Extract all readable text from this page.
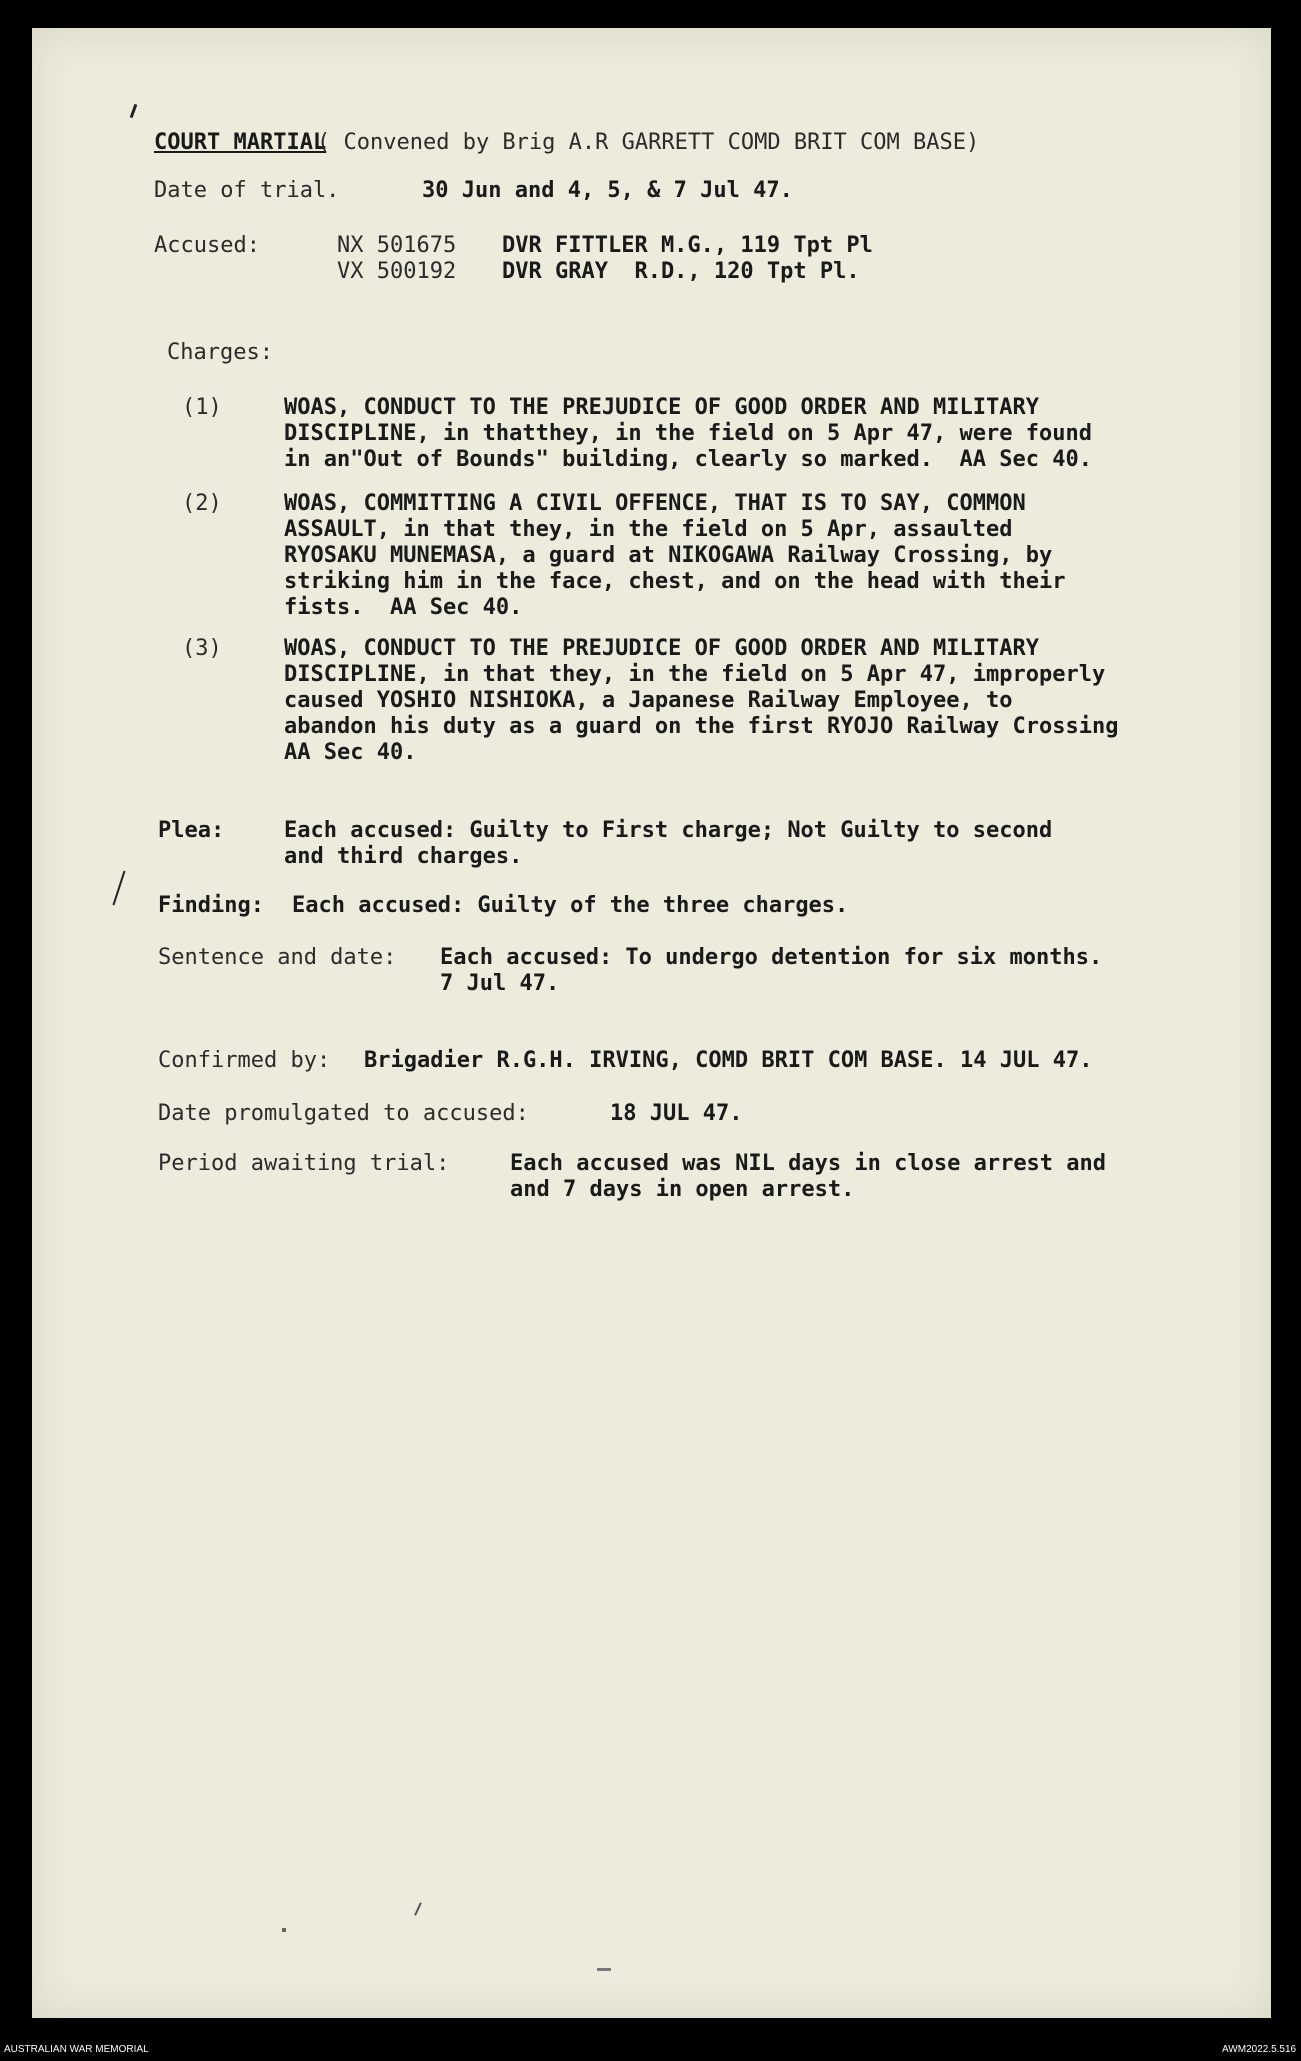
COURT MARTIAL
( Convened by Brig A.R GARRETT COMD BRIT COM BASE)
Date of trial.	30 Jun and 4, 5, & 7 Jul 47.
Accused:	NX 501675 DVR FITTLER M.G., 119 Tpt Pl
VX 500192 DVR GRAY  R.D., 120 Tpt Pl.
Charges:
(1)	WOAS, CONDUCT TO THE PREJUDICE OF GOOD ORDER AND MILITARY
DISCIPLINE, in thatthey, in the field on 5 Apr 47, were found
in an"Out of Bounds" building, clearly so marked.  AA Sec 40.
(2)	WOAS, COMMITTING A CIVIL OFFENCE, THAT IS TO SAY, COMMON
ASSAULT, in that they, in the field on 5 Apr, assaulted
RYOSAKU MUNEMASA, a guard at NIKOGAWA Railway Crossing, by
striking him in the face, chest, and on the head with their
fists.  AA Sec 40.
(3)	WOAS, CONDUCT TO THE PREJUDICE OF GOOD ORDER AND MILITARY
DISCIPLINE, in that they, in the field on 5 Apr 47, improperly
caused YOSHIO NISHIOKA, a Japanese Railway Employee, to
abandon his duty as a guard on the first RYOJO Railway Crossing
AA Sec 40.
Plea:	Each accused: Guilty to First charge; Not Guilty to second
and third charges.
Finding: Each accused: Guilty of the three charges.
Sentence and date: Each accused: To undergo detention for six months.
7 Jul 47.
Confirmed by: Brigadier R.G.H. IRVING, COMD BRIT COM BASE. 14 JUL 47.
Date promulgated to accused:	18 JUL 47.
Period awaiting trial:	Each accused was NIL days in close arrest and
and 7 days in open arrest.
AUSTRALIAN WAR MEMORIAL	AWM2022.5.516
